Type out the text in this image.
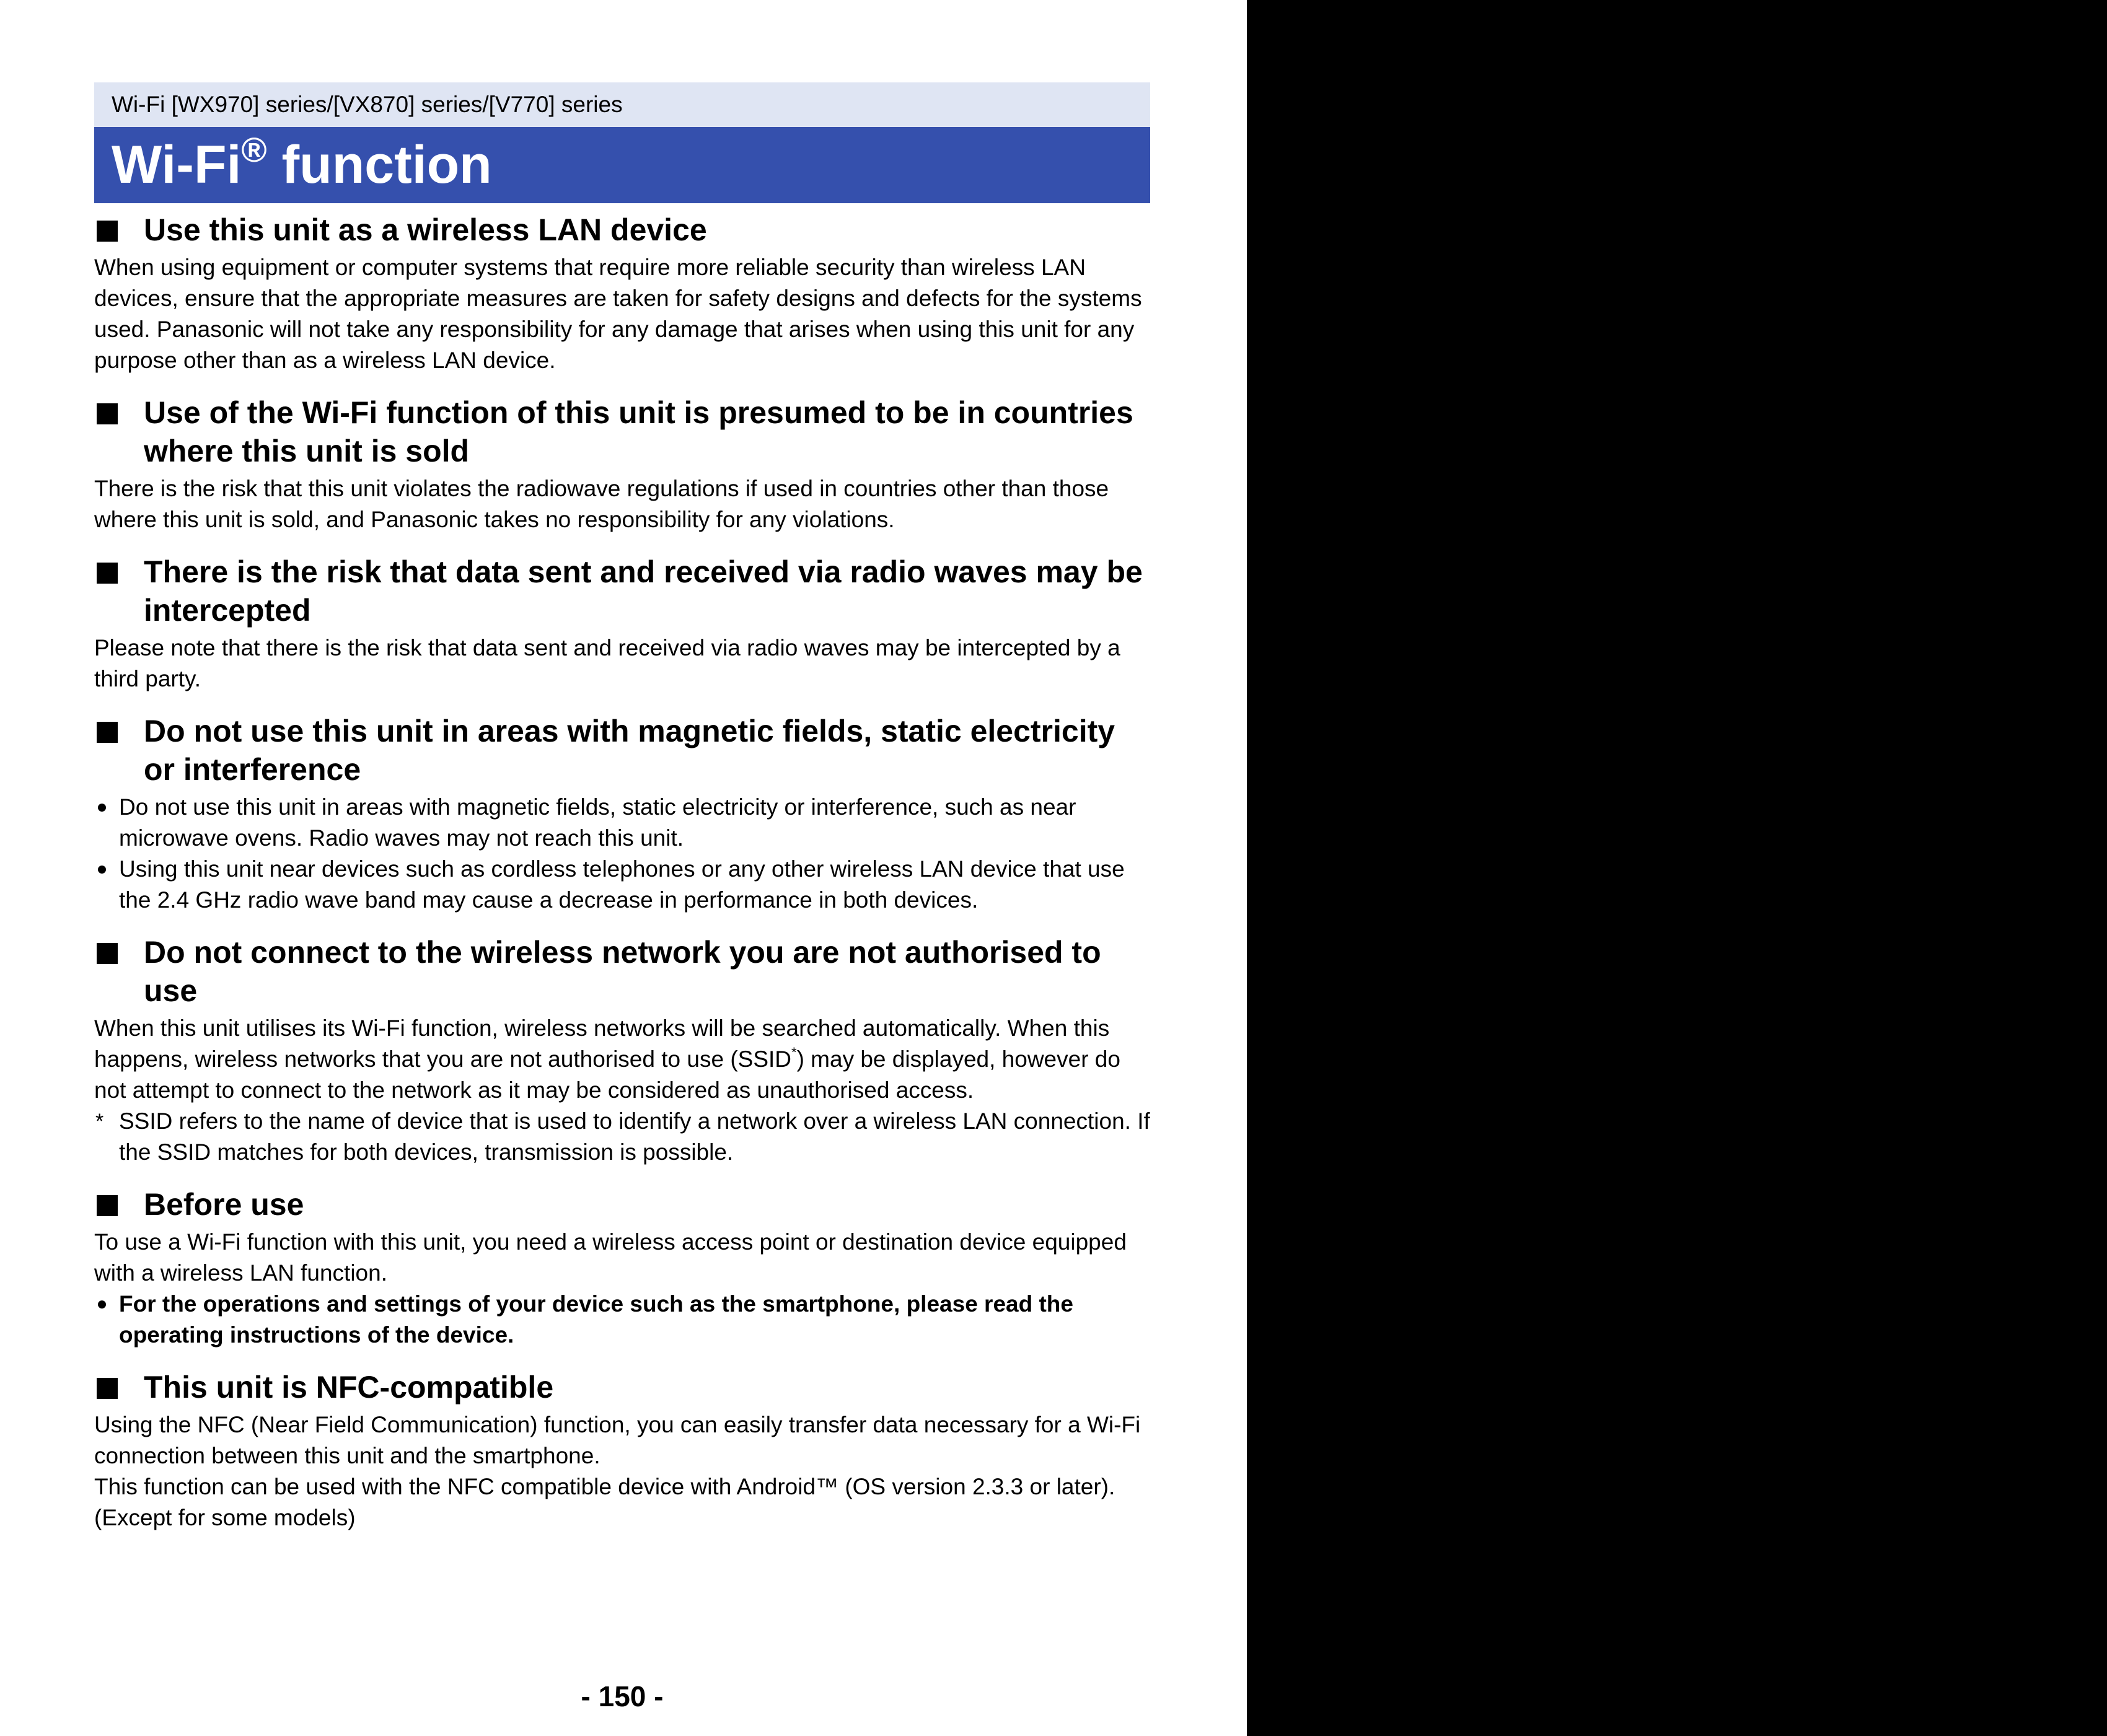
Wi-Fi [WX970] series/[VX870] series/[V770] series
Wi-Fi® function
Use this unit as a wireless LAN device

When using equipment or computer systems that require more reliable security than wireless LAN devices, ensure that the appropriate measures are taken for safety designs and defects for the systems used. Panasonic will not take any responsibility for any damage that arises when using this unit for any purpose other than as a wireless LAN device.

Use of the Wi-Fi function of this unit is presumed to be in countries where this unit is sold

There is the risk that this unit violates the radiowave regulations if used in countries other than those where this unit is sold, and Panasonic takes no responsibility for any violations.

There is the risk that data sent and received via radio waves may be intercepted

Please note that there is the risk that data sent and received via radio waves may be intercepted by a third party.

Do not use this unit in areas with magnetic fields, static electricity or interference
Do not use this unit in areas with magnetic fields, static electricity or interference, such as near microwave ovens. Radio waves may not reach this unit.
Using this unit near devices such as cordless telephones or any other wireless LAN device that use the 2.4 GHz radio wave band may cause a decrease in performance in both devices.
Do not connect to the wireless network you are not authorised to use

When this unit utilises its Wi-Fi function, wireless networks will be searched automatically. When this happens, wireless networks that you are not authorised to use (SSID*) may be displayed, however do not attempt to connect to the network as it may be considered as unauthorised access.

* SSID refers to the name of device that is used to identify a network over a wireless LAN connection. If the SSID matches for both devices, transmission is possible.
Before use

To use a Wi-Fi function with this unit, you need a wireless access point or destination device equipped with a wireless LAN function.

For the operations and settings of your device such as the smartphone, please read the operating instructions of the device.
This unit is NFC-compatible

Using the NFC (Near Field Communication) function, you can easily transfer data necessary for a Wi-Fi connection between this unit and the smartphone.

This function can be used with the NFC compatible device with Android™ (OS version 2.3.3 or later). (Except for some models)

- 150 -
